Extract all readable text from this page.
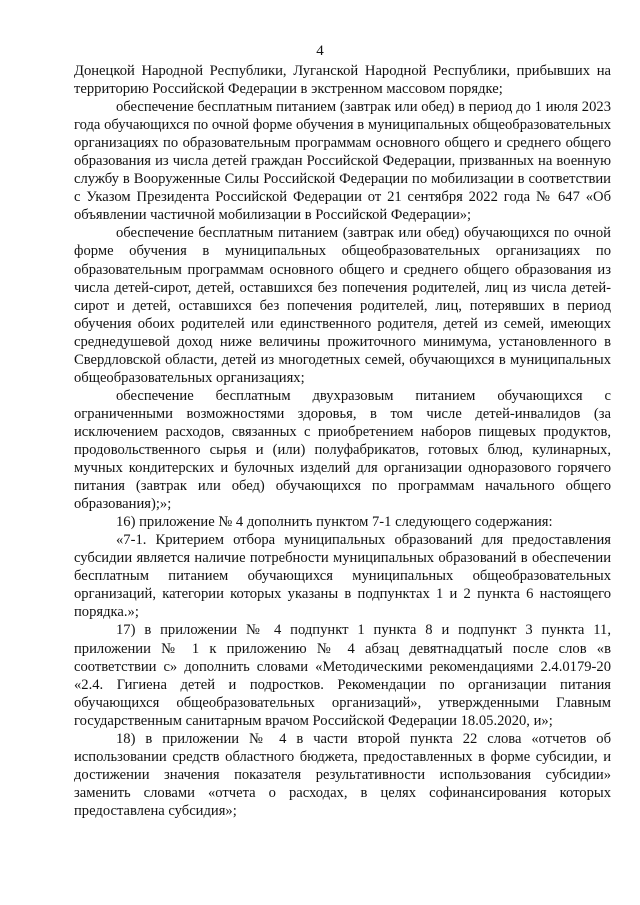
4

Донецкой Народной Республики, Луганской Народной Республики, прибывших на территорию Российской Федерации в экстренном массовом порядке;

обеспечение бесплатным питанием (завтрак или обед) в период до 1 июля 2023 года обучающихся по очной форме обучения в муниципальных общеобразовательных организациях по образовательным программам основного общего и среднего общего образования из числа детей граждан Российской Федерации, призванных на военную службу в Вооруженные Силы Российской Федерации по мобилизации в соответствии с Указом Президента Российской Федерации от 21 сентября 2022 года № 647 «Об объявлении частичной мобилизации в Российской Федерации»;

обеспечение бесплатным питанием (завтрак или обед) обучающихся по очной форме обучения в муниципальных общеобразовательных организациях по образовательным программам основного общего и среднего общего образования из числа детей-сирот, детей, оставшихся без попечения родителей, лиц из числа детей-сирот и детей, оставшихся без попечения родителей, лиц, потерявших в период обучения обоих родителей или единственного родителя, детей из семей, имеющих среднедушевой доход ниже величины прожиточного минимума, установленного в Свердловской области, детей из многодетных семей, обучающихся в муниципальных общеобразовательных организациях;

обеспечение бесплатным двухразовым питанием обучающихся с ограниченными возможностями здоровья, в том числе детей-инвалидов (за исключением расходов, связанных с приобретением наборов пищевых продуктов, продовольственного сырья и (или) полуфабрикатов, готовых блюд, кулинарных, мучных кондитерских и булочных изделий для организации одноразового горячего питания (завтрак или обед) обучающихся по программам начального общего образования);»;

16) приложение № 4 дополнить пунктом 7-1 следующего содержания:

«7-1. Критерием отбора муниципальных образований для предоставления субсидии является наличие потребности муниципальных образований в обеспечении бесплатным питанием обучающихся муниципальных общеобразовательных организаций, категории которых указаны в подпунктах 1 и 2 пункта 6 настоящего порядка.»;

17) в приложении № 4 подпункт 1 пункта 8 и подпункт 3 пункта 11, приложении № 1 к приложению № 4 абзац девятнадцатый после слов «в соответствии с» дополнить словами «Методическими рекомендациями 2.4.0179-20 «2.4. Гигиена детей и подростков. Рекомендации по организации питания обучающихся общеобразовательных организаций», утвержденными Главным государственным санитарным врачом Российской Федерации 18.05.2020, и»;

18) в приложении № 4 в части второй пункта 22 слова «отчетов об использовании средств областного бюджета, предоставленных в форме субсидии, и достижении значения показателя результативности использования субсидии» заменить словами «отчета о расходах, в целях софинансирования которых предоставлена субсидия»;
